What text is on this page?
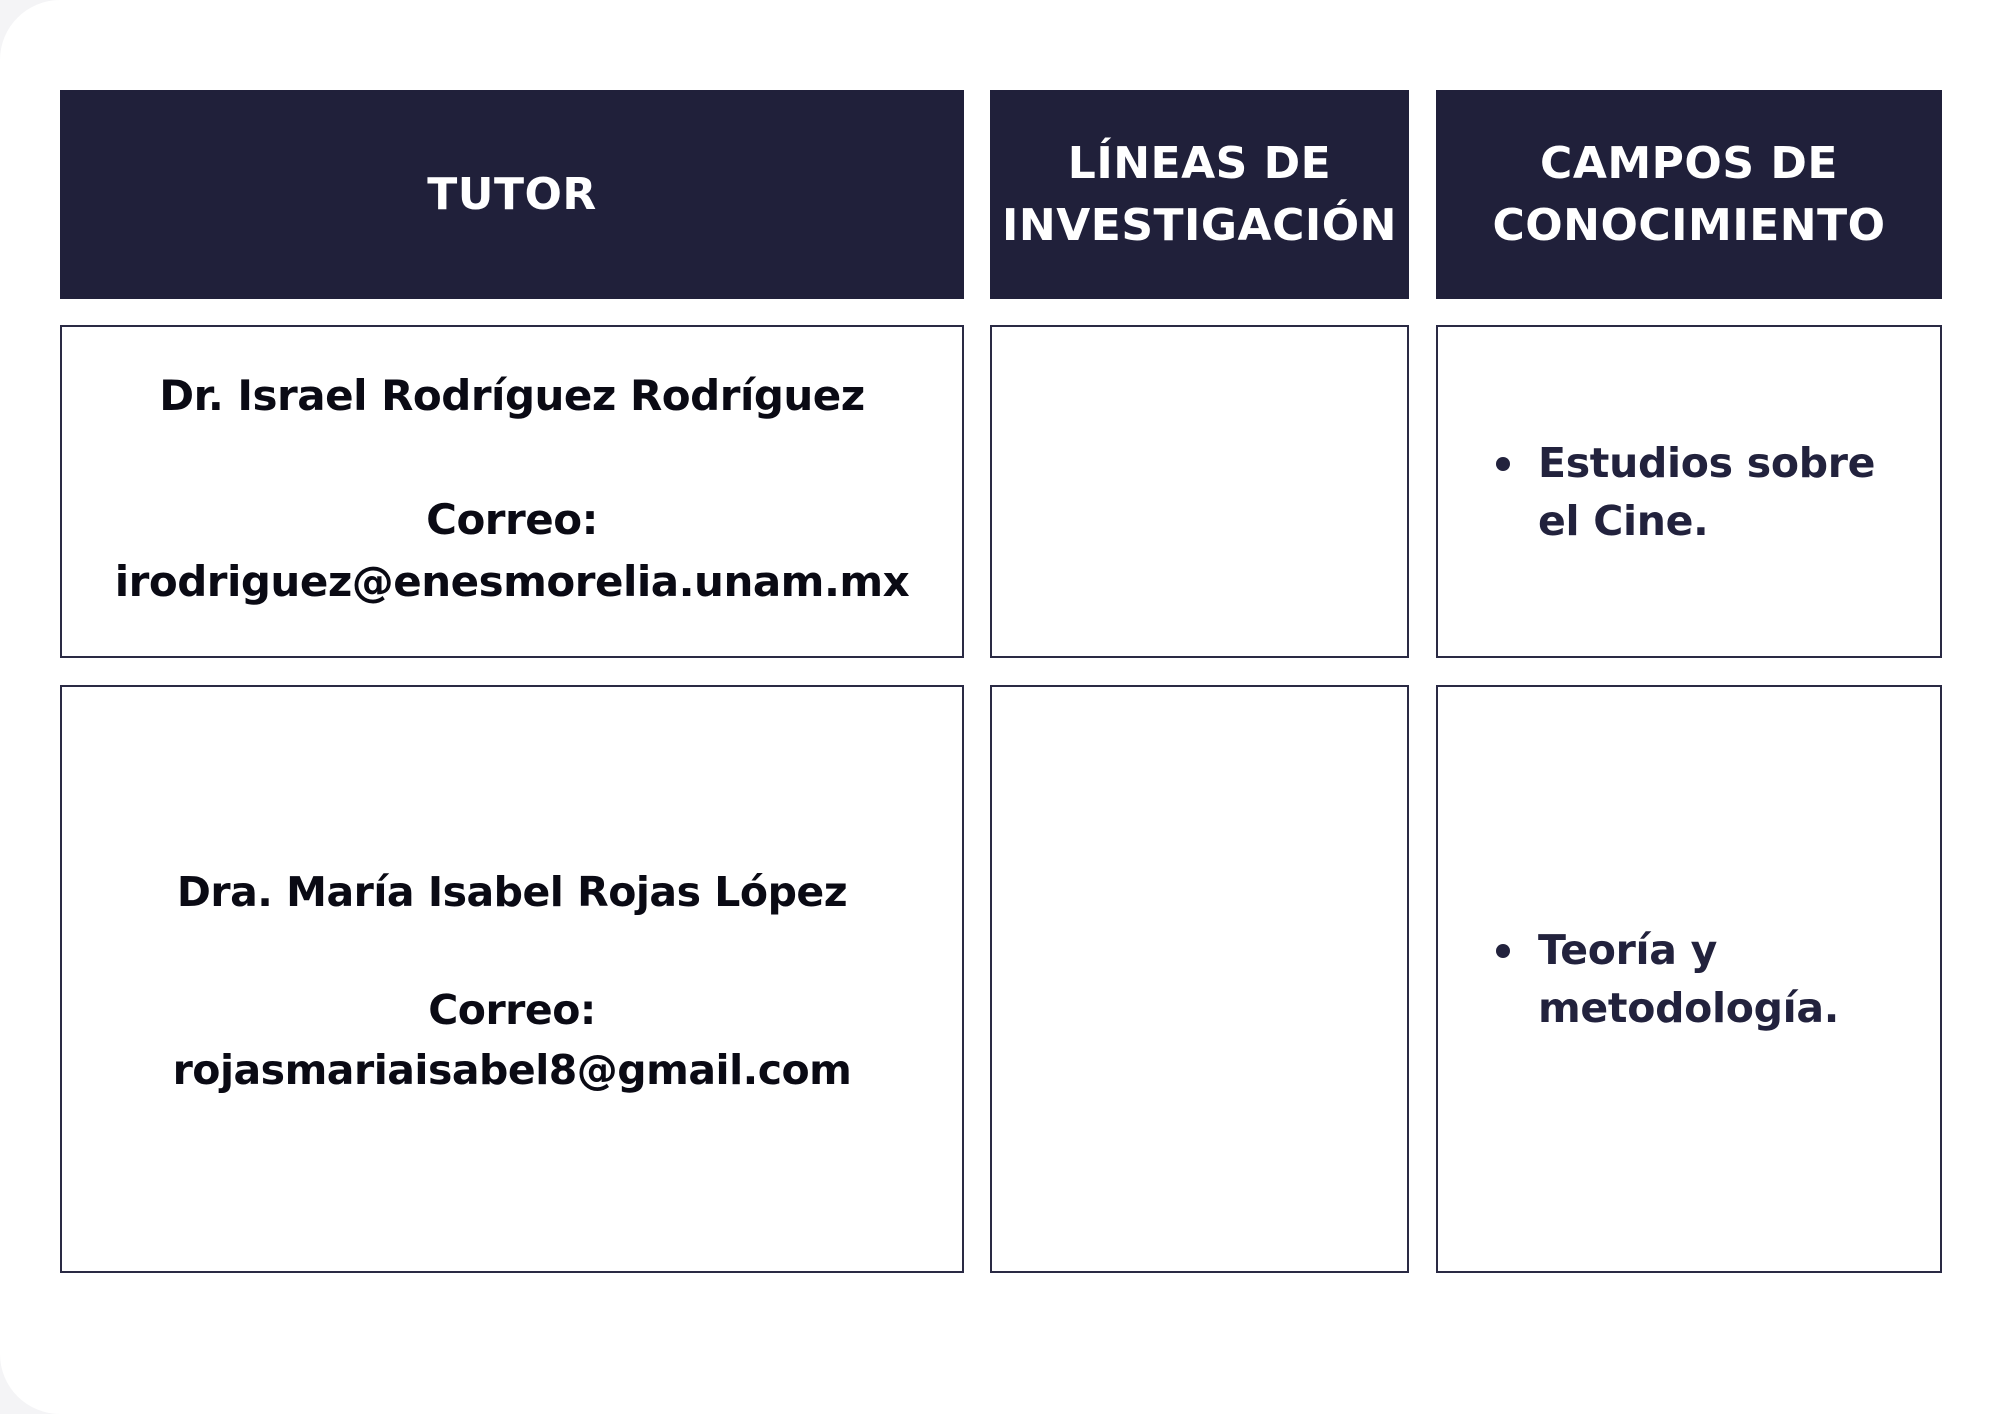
TUTOR
LÍNEAS DE
INVESTIGACIÓN
CAMPOS DE
CONOCIMIENTO
Dr. Israel Rodríguez Rodríguez
Correo:
irodriguez@enesmorelia.unam.mx
Estudios sobre el Cine.
Dra. María Isabel Rojas López
Correo:
rojasmariaisabel8@gmail.com
Teoría y metodología.
